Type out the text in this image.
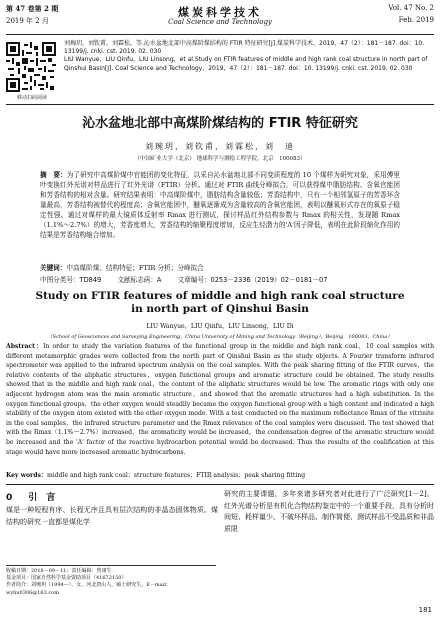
第 47 卷第 2 期
2019 年 2 月
煤炭科学技术
Coal Science and Technology
Vol. 47 No. 2
Feb. 2019
移动扫码阅读
刘琬玥，刘钦甫，刘霖松，等.沁水盆地北部中高煤阶煤结构的 FTIR 特征研究[J].煤炭科学技术，2019，47（2）：181－187. doi：10. 13199/j. cnki. cst. 2019. 02. 030
LIU Wanyue，LIU Qinfu，LIU Linsong，et al.Study on FTIR features of middle and high rank coal structure in north part of Qinshui Basin[J]. Coal Science and Technology，2019，47（2）：181－187. doi：10. 13199/j. cnki. cst. 2019. 02. 030
沁水盆地北部中高煤阶煤结构的 FTIR 特征研究
刘琬玥，刘钦甫，刘霖松，刘　迪
（中国矿业大学（北京） 地球科学与测绘工程学院，北京　100083）
摘　要：为了研究中高煤阶煤中官能团的变化特征，以采自沁水盆地北部不同变质程度的 10 个煤样为研究对象，采用傅里叶变换红外光谱对样品进行了红外光谱（FTIR）分析。通过对 FTIR 曲线分峰拟合，可以获得煤中脂肪结构、含氧官能团和芳香结构的相对含量。研究结果表明：中高煤阶煤中，脂肪结构含量较低；芳香结构中，只有一个相邻氢原子的芳香环含量最高，芳香结构被替代的程度高；含氧官能团中，醚氧逐渐成为含量较高的含氧官能团，表明以醚氧形式存在的氧原子稳定性强。通过对煤样的最大镜质体反射率 Rmax 进行测试，探讨样品红外结构参数与 Rmax 的相关性，发现随 Rmax（1.1%～2.7%）的增大，芳香度增大，芳香结构的缩聚程度增加，反应生烃潜力的'A'因子降低，表明在此阶段缩化作用的结果是芳香结构缩合增加。
关键词：中高煤阶煤；结构特征；FTIR 分析；分峰拟合
中图分类号：TD849 文献标志码：A 文章编号：0253－2336（2019）02－0181－07
Study on FTIR features of middle and high rank coal structure in north part of Qinshui Basin
LIU Wanyue，LIU Qinfu，LIU Linsong，LIU Di
（School of Geosciences and Surveying Engineering，China University of Mining and Technology（Beijing），Beijing　100083，China）
Abstract：In order to study the variation features of the functional group in the middle and high rank coal，10 coal samples with different metamorphic grades were collected from the north part of Qinshui Basin as the study objects. A Fourier transform infrared spectrometer was applied to the infrared spectrum analysis on the coal samples. With the peak sharing fitting of the FTIR curves，the relative contents of the aliphatic structures，oxygen functional groups and aromatic structure could be obtained. The study results showed that in the middle and high rank coal，the content of the aliphatic structures would be low. The aromatic rings with only one adjacent hydrogen atom was the main aromatic structure，and showed that the aromatic structures had a high substitution. In the oxygen functional groups，the ether oxygen would steadily became the oxygen functional group with a high content and indicated a high stability of the oxygen atom existed with the ether oxygen mode. With a test conducted on the maximum reflectance Rmax of the vitrinite in the coal samples，the infrared structure parameter and the Rmax relevance of the coal samples were discussed. The test showed that with the Rmax（1.1%～2.7%）increased，the aromaticity would be increased，the condensation degree of the aromatic structure would be increased and the 'A' factor of the reactive hydrocarbon potential would be decreased. Thus the results of the coalification at this stage would have more increased aromatic hydrocarbons.
Key words：middle and high rank coal；structure features；FTIR analysis；peak sharing fitting
0 引　言
煤是一种短程有序、长程无序且具有层次结构的非晶态固体物质。煤结构的研究一直都是煤化学
研究的主要课题，多年来诸多研究者对此进行了广泛研究[1－2]。红外光谱分析是有机化合物结构鉴定中的一个重要手段，具有分析时间短、耗样量少、不破坏样品、制作简便、测试样品不受晶质和非晶质限
收稿日期：2018－09－11；责任编辑：曾康生
基金项目：国家自然科学基金资助项目（41672150）
作者简介：刘琬玥（1994—），女，河北唐山人，硕士研究生。E－mail：wyliu0306@163.com
181
